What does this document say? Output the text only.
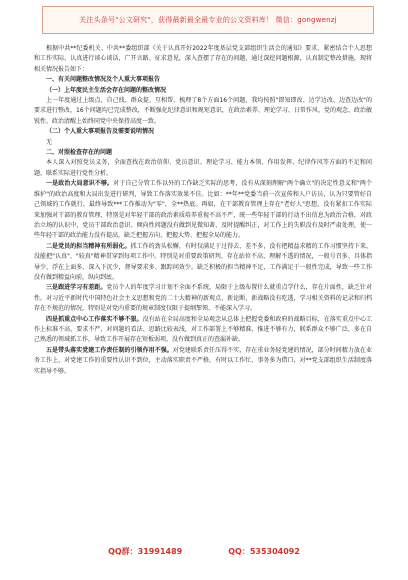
关注头条号"公文研究"，获得最新最全最专业的公文资料库！ 微信：gongwenzj

根据中共**纪委机关、中共**委组织部《关于认真开好2022年度基层党支部组织生活会的通知》要求，紧密结合个人思想和工作实际，认真进行谈心谈话，广开言路、征求意见，深入查摆了存在的问题，通过深挖问题根源，认真制定整改措施，现将相关情况报告如下：

一、有关问题整改情况及个人重大事项报告

（一）上年度民主生活会存在问题的整改情况

上一年度通过上级点、自己找、群众提、互相帮，梳理了8个方面16个问题，我均按照"即知即改、边学边改、边查边改"的要求进行整改，16个问题均已完成整改，不断强化纪律意识和规矩意识，在政治素养、理论学习、日常作风、党的观念、政治敏锐性、政治清醒上始终同党中央保持高度一致。

（二）个人重大事项报告及需要说明情况

无

二、对照检查存在的问题

本人深入对照党员义务，全面查找在政治信仰、党员意识、理论学习、能力本领、作用发挥、纪律作风等方面的不足和问题，联系实际进行党性分析。

一是政治大局意识不够。对于自己分管工作以外的工作缺乏实际的思考，没有从深刻理解"两个确立"的决定性意义和"两个维护"的政治高度和大局出发进行研判，导致工作落实效果不佳。比如：**年**党委当前一次宣传和人户访员，认为只要管好自己领域的工作就行，最终导致***工作推动为"零"，全**热底。再如，在干部教育管理上存在"老好人"思想，没有紧扣工作实际来加强对干部的教育管理，特别是对年轻干部的政治素质培养重视不高不严，统一些年轻干部的行动不出信息为政治合格，对政治立场的认识中，党员干部政治意识、倾向性问题没有做到见微知著，及时提醒纠正，对工作上的失职没有及时严肃处理，使一些年轻干部的政治能力没有提高，缺乏把握方向、把握大势、把握全局的能力。

二是党员的担当精神有所弱化。抓工作的劲头松懈，有时仅满足于过得去、差不多，没有把精益求精的工作习惯坚持下来，没能把"认真"、"较真"精神贯穿到每项工作中。特别是对重要政策研判、存在站位不高、理解不透的情况，一般号召多、具体指导少，浮在上面多、深入下沉少，督导要求多、跟踪问效少。缺乏积极的担当精神不足，工作满足于一般性完成，导致一些工作没有做到精益向前，纵向到底。

三是跟进学习有差距。党员个人的年度学习计划不全面不系统，局限于上级布置什么就重点学什么，存在片面性，缺乏针对性。对习近平新时代中国特色社会主义思想和党的二十大精神的新观点、新论断、新战略没有吃透，学习相关资料的记录和归档存在不规范的情况，特别是对党内重要的规章制度仅限于提纲挈领、不能深入学习。

四是抓重点中心工作落实不够不狠。没有站在全局高度和全局观念从总体上把握党委和政府的战略目标，在落实重点中心工作上标准不高、要求不严，对问题的看法、思路比较表浅，对工作部署上不够精准，推进不够有力，联系群众不够广泛，多在自己熟悉的领域抓工作，导致工作开展存在短板弱项，没有做到真正的查漏补缺。

五是带头落实党建工作责任制的引领作用不强。对党建联系责任压得不实，存在重业务轻党建的情况，部分时间精力放在业务工作上，对党建工作的重要性认识不到位，主动落实职责不严格，有时以工作忙、事务多为借口，对**党支部组织生活制度落实指导不够。

QQ群：31991489	QQ：535304092
